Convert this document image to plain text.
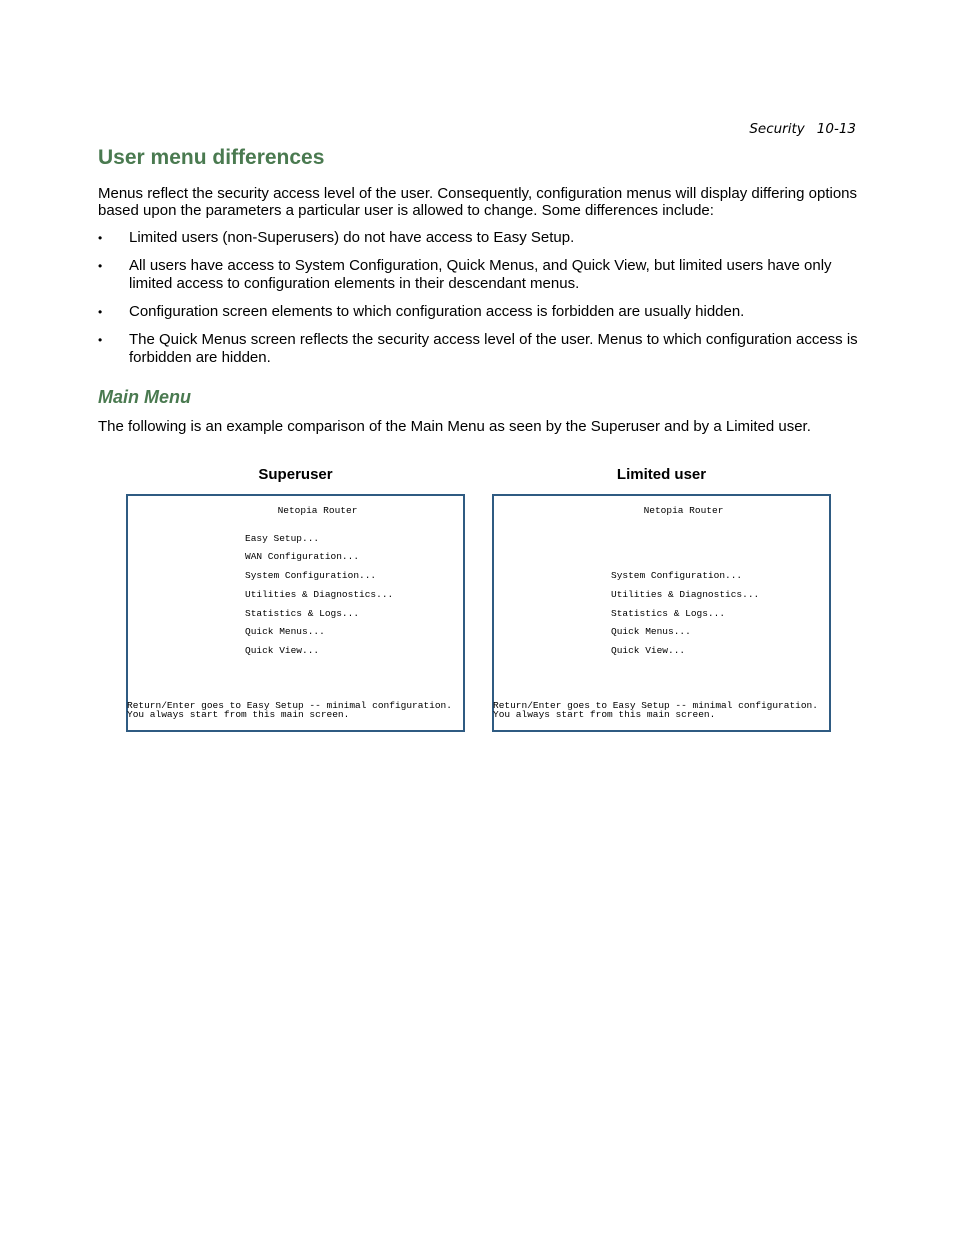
Security 10-13
User menu differences

Menus reflect the security access level of the user. Consequently, configuration menus will display differing options based upon the parameters a particular user is allowed to change. Some differences include:

• Limited users (non-Superusers) do not have access to Easy Setup.
• All users have access to System Configuration, Quick Menus, and Quick View, but limited users have only limited access to configuration elements in their descendant menus.
• Configuration screen elements to which configuration access is forbidden are usually hidden.
• The Quick Menus screen reflects the security access level of the user. Menus to which configuration access is forbidden are hidden.
Main Menu

The following is an example comparison of the Main Menu as seen by the Superuser and by a Limited user.

Superuser	Limited user
Netopia Router
Easy Setup...
WAN Configuration...
System Configuration...
Utilities & Diagnostics...
Statistics & Logs...
Quick Menus...
Quick View...
Return/Enter goes to Easy Setup -- minimal configuration.
You always start from this main screen.
Netopia Router
System Configuration...
Utilities & Diagnostics...
Statistics & Logs...
Quick Menus...
Quick View...
Return/Enter goes to Easy Setup -- minimal configuration.
You always start from this main screen.
